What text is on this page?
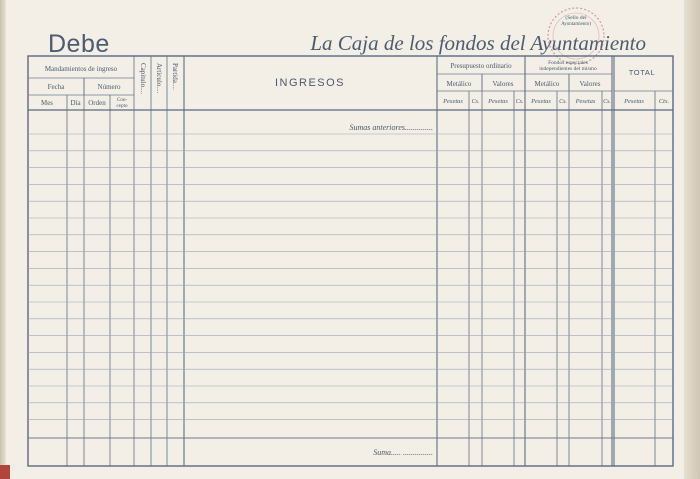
Debe	La Caja de los fondos del Ayuntamiento
(Sello del
Ayuntamiento)
Mandamientos de ingreso
Fecha	Número
Mes Día Orden Con-
cepto
Capítulo.... Artículo.... Partida....	INGRESOS
Presupuesto ordinario	Fondos especiales
independientes del mismo
Metálico	Valores	Metálico	Valores
TOTAL
Pesetas Cs. Pesetas Cs. Pesetas Cs. Pesetas Cs. Pesetas Cts.
Sumas anteriores..............
Suma..... ...............
